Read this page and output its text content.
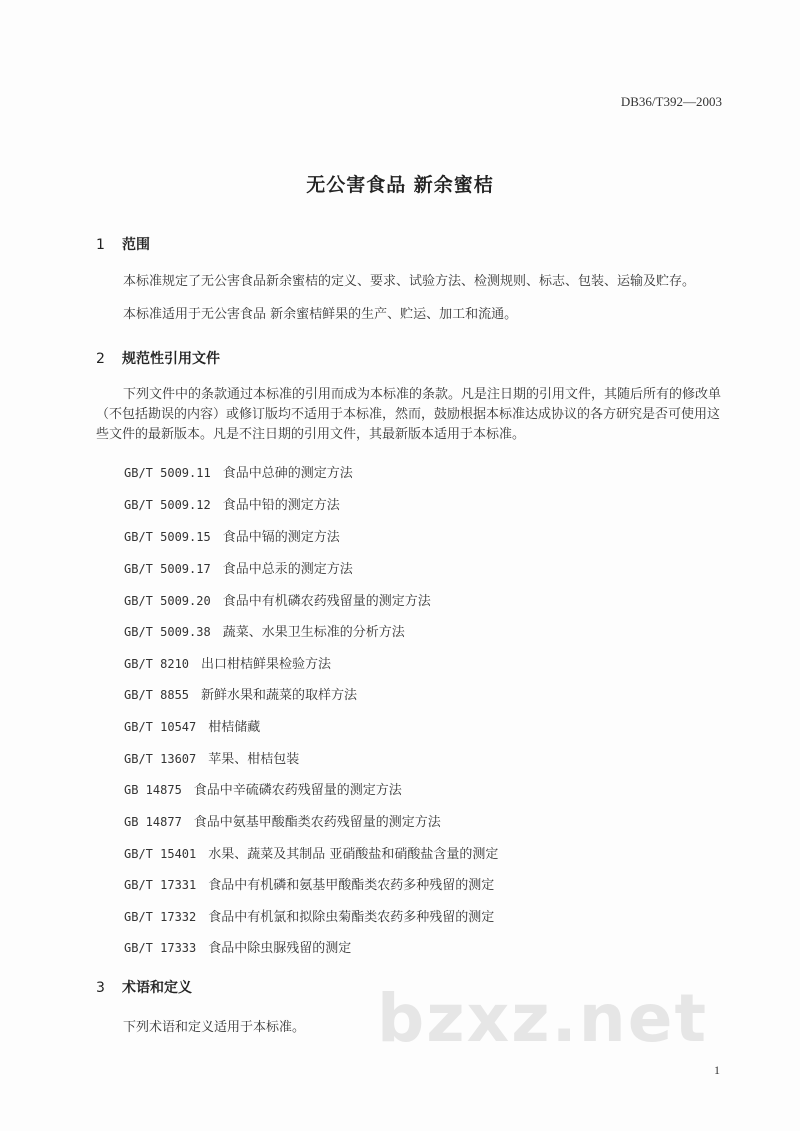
DB36/T392—2003
无公害食品 新余蜜桔
1 范围
本标准规定了无公害食品新余蜜桔的定义、要求、试验方法、检测规则、标志、包装、运输及贮存。
本标准适用于无公害食品 新余蜜桔鲜果的生产、贮运、加工和流通。
2 规范性引用文件
下列文件中的条款通过本标准的引用而成为本标准的条款。凡是注日期的引用文件，其随后所有的修改单（不包括勘误的内容）或修订版均不适用于本标准，然而，鼓励根据本标准达成协议的各方研究是否可使用这些文件的最新版本。凡是不注日期的引用文件，其最新版本适用于本标准。
GB/T 5009.11 食品中总砷的测定方法
GB/T 5009.12 食品中铅的测定方法
GB/T 5009.15 食品中镉的测定方法
GB/T 5009.17 食品中总汞的测定方法
GB/T 5009.20 食品中有机磷农药残留量的测定方法
GB/T 5009.38 蔬菜、水果卫生标准的分析方法
GB/T 8210 出口柑桔鲜果检验方法
GB/T 8855 新鲜水果和蔬菜的取样方法
GB/T 10547 柑桔储藏
GB/T 13607 苹果、柑桔包装
GB 14875 食品中辛硫磷农药残留量的测定方法
GB 14877 食品中氨基甲酸酯类农药残留量的测定方法
GB/T 15401 水果、蔬菜及其制品 亚硝酸盐和硝酸盐含量的测定
GB/T 17331 食品中有机磷和氨基甲酸酯类农药多种残留的测定
GB/T 17332 食品中有机氯和拟除虫菊酯类农药多种残留的测定
GB/T 17333 食品中除虫脲残留的测定
3 术语和定义
下列术语和定义适用于本标准。	bzxz.net
1
